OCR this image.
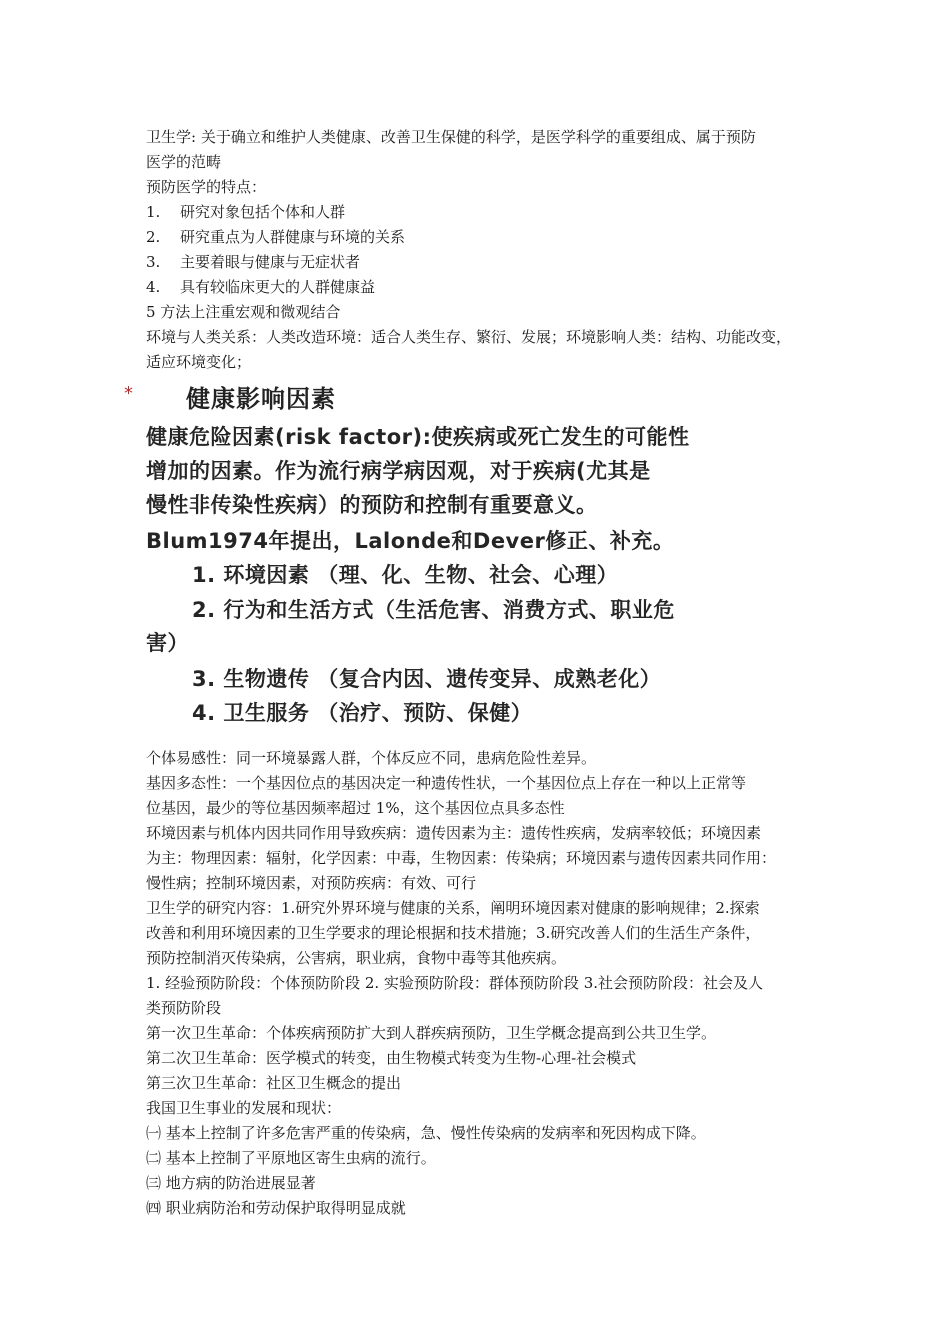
卫生学: 关于确立和维护人类健康、改善卫生保健的科学，是医学科学的重要组成、属于预防
医学的范畴
预防医学的特点：
1. 研究对象包括个体和人群
2. 研究重点为人群健康与环境的关系
3. 主要着眼与健康与无症状者
4. 具有较临床更大的人群健康益
5 方法上注重宏观和微观结合
环境与人类关系：人类改造环境：适合人类生存、繁衍、发展；环境影响人类：结构、功能改变，
适应环境变化；
* 健康影响因素
健康危险因素(risk factor):使疾病或死亡发生的可能性
增加的因素。作为流行病学病因观，对于疾病(尤其是
慢性非传染性疾病）的预防和控制有重要意义。
Blum1974年提出，Lalonde和Dever修正、补充。
1. 环境因素 （理、化、生物、社会、心理）
2. 行为和生活方式（生活危害、消费方式、职业危
害）
3. 生物遗传 （复合内因、遗传变异、成熟老化）
4. 卫生服务 （治疗、预防、保健）
个体易感性：同一环境暴露人群，个体反应不同，患病危险性差异。
基因多态性：一个基因位点的基因决定一种遗传性状，一个基因位点上存在一种以上正常等
位基因，最少的等位基因频率超过 1%，这个基因位点具多态性
环境因素与机体内因共同作用导致疾病：遗传因素为主：遗传性疾病，发病率较低；环境因素
为主：物理因素：辐射，化学因素：中毒，生物因素：传染病；环境因素与遗传因素共同作用：
慢性病；控制环境因素，对预防疾病：有效、可行
卫生学的研究内容：1.研究外界环境与健康的关系，阐明环境因素对健康的影响规律；2.探索
改善和利用环境因素的卫生学要求的理论根据和技术措施；3.研究改善人们的生活生产条件，
预防控制消灭传染病，公害病，职业病，食物中毒等其他疾病。
1. 经验预防阶段：个体预防阶段 2. 实验预防阶段：群体预防阶段 3.社会预防阶段：社会及人
类预防阶段
第一次卫生革命：个体疾病预防扩大到人群疾病预防，卫生学概念提高到公共卫生学。
第二次卫生革命：医学模式的转变，由生物模式转变为生物-心理-社会模式
第三次卫生革命：社区卫生概念的提出
我国卫生事业的发展和现状：
㈠ 基本上控制了许多危害严重的传染病，急、慢性传染病的发病率和死因构成下降。
㈡ 基本上控制了平原地区寄生虫病的流行。
㈢ 地方病的防治进展显著
㈣ 职业病防治和劳动保护取得明显成就
